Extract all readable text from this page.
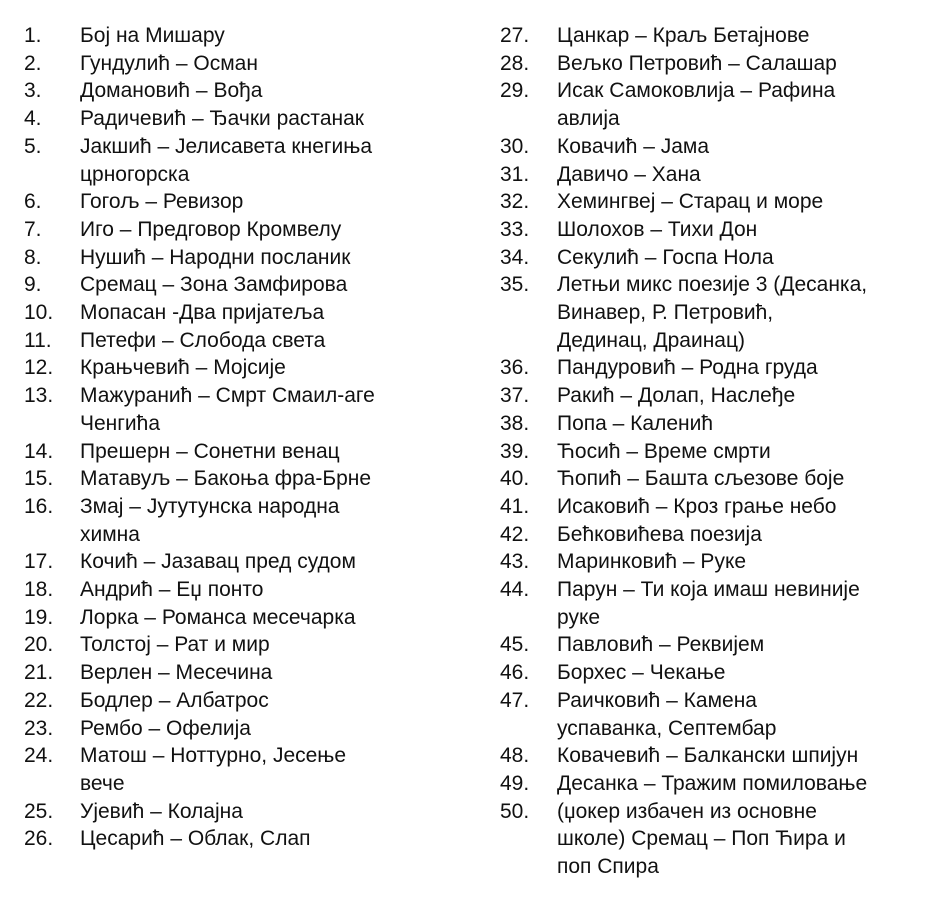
1.	Бој на Мишару
2.	Гундулић – Осман
3.	Домановић – Вођа
4.	Радичевић – Ђачки растанак
5.	Јакшић – Јелисавета кнегиња
црногорска
6.	Гогољ – Ревизор
7.	Иго – Предговор Кромвелу
8.	Нушић – Народни посланик
9.	Сремац – Зона Замфирова
10.	Мопасан -Два пријатеља
11.	Петефи – Слобода света
12.	Крањчевић – Мојсије
13.	Мажуранић – Смрт Смаил-аге
Ченгића
14.	Прешерн – Сонетни венац
15.	Матавуљ – Бакоња фра-Брне
16.	Змај – Јутутунска народна
химна
17.	Кочић – Јазавац пред судом
18.	Андрић – Еџ понто
19.	Лорка – Романса месечарка
20.	Толстој – Рат и мир
21.	Верлен – Месечина
22.	Бодлер – Албатрос
23.	Рембо – Офелија
24.	Матош – Ноттурно, Јесење
вече
25.	Ујевић – Колајна
26.	Цесарић – Облак, Слап
27.	Цанкар – Краљ Бетајнове
28.	Вељко Петровић – Салашар
29.	Исак Самоковлија – Рафина
авлија
30.	Ковачић – Јама
31.	Давичо – Хана
32.	Хемингвеј – Старац и море
33.	Шолохов – Тихи Дон
34.	Секулић – Госпа Нола
35.	Летњи микс поезије 3 (Десанка,
Винавер, Р. Петровић,
Дединац, Драинац)
36.	Пандуровић – Родна груда
37.	Ракић – Долап, Наслеђе
38.	Попа – Каленић
39.	Ћосић – Време смрти
40.	Ћопић – Башта сљезове боје
41.	Исаковић – Кроз грање небо
42.	Бећковићева поезија
43.	Маринковић – Руке
44.	Парун – Ти која имаш невиније
руке
45.	Павловић – Реквијем
46.	Борхес – Чекање
47.	Раичковић – Камена
успаванка, Септембар
48.	Ковачевић – Балкански шпијун
49.	Десанка – Тражим помиловање
50.	(џокер избачен из основне
школе) Сремац – Поп Ћира и
поп Спира
